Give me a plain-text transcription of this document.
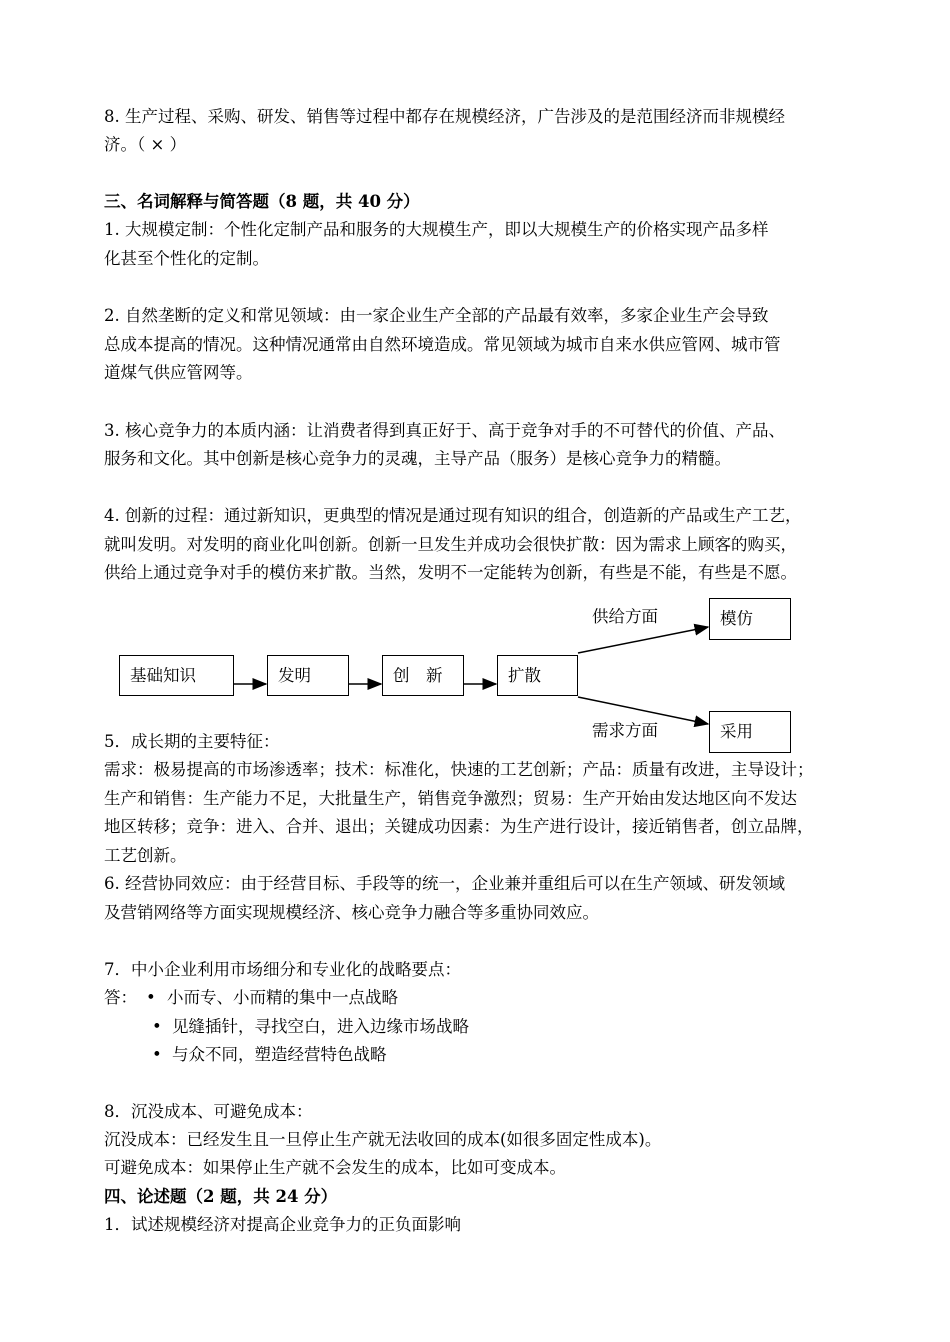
8. 生产过程、采购、研发、销售等过程中都存在规模经济，广告涉及的是范围经济而非规模经
济。（ × ）
三、名词解释与简答题（8 题，共 40 分）
1. 大规模定制：个性化定制产品和服务的大规模生产，即以大规模生产的价格实现产品多样
化甚至个性化的定制。
2. 自然垄断的定义和常见领域：由一家企业生产全部的产品最有效率，多家企业生产会导致
总成本提高的情况。这种情况通常由自然环境造成。常见领域为城市自来水供应管网、城市管
道煤气供应管网等。
3. 核心竞争力的本质内涵：让消费者得到真正好于、高于竞争对手的不可替代的价值、产品、
服务和文化。其中创新是核心竞争力的灵魂，主导产品（服务）是核心竞争力的精髓。
4. 创新的过程：通过新知识，更典型的情况是通过现有知识的组合，创造新的产品或生产工艺，
就叫发明。对发明的商业化叫创新。创新一旦发生并成功会很快扩散：因为需求上顾客的购买，
供给上通过竞争对手的模仿来扩散。当然，发明不一定能转为创新，有些是不能，有些是不愿。
基础知识	发明	创　新	扩散
模仿
采用
供给方面
需求方面
5．成长期的主要特征：
需求：极易提高的市场渗透率；技术：标准化，快速的工艺创新；产品：质量有改进，主导设计；
生产和销售：生产能力不足，大批量生产，销售竞争激烈；贸易：生产开始由发达地区向不发达
地区转移；竞争：进入、合并、退出；关键成功因素：为生产进行设计，接近销售者，创立品牌，
工艺创新。
6. 经营协同效应：由于经营目标、手段等的统一，企业兼并重组后可以在生产领域、研发领域
及营销网络等方面实现规模经济、核心竞争力融合等多重协同效应。
7．中小企业利用市场细分和专业化的战略要点：
答： • 小而专、小而精的集中一点战略
• 见缝插针，寻找空白，进入边缘市场战略
• 与众不同，塑造经营特色战略
8．沉没成本、可避免成本：
沉没成本：已经发生且一旦停止生产就无法收回的成本(如很多固定性成本)。
可避免成本：如果停止生产就不会发生的成本，比如可变成本。
四、论述题（2 题，共 24 分）
1．试述规模经济对提高企业竞争力的正负面影响
